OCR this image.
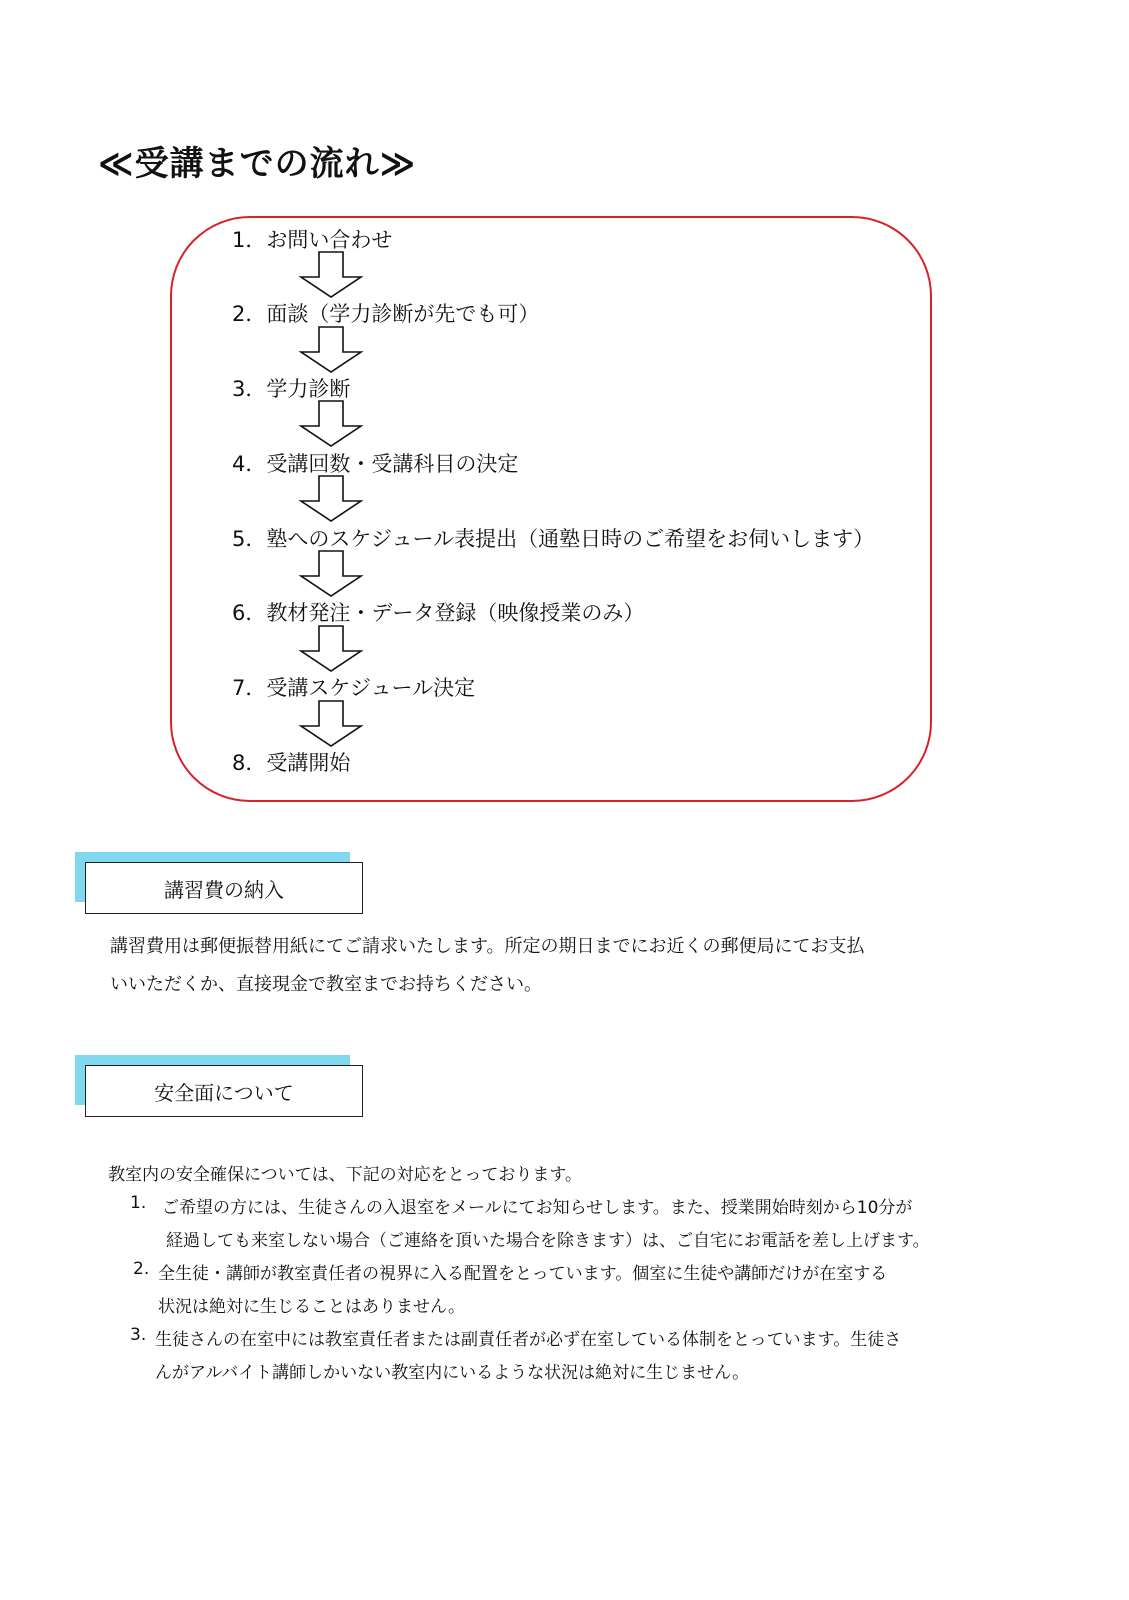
≪受講までの流れ≫
1．お問い合わせ
2．面談（学力診断が先でも可）
3．学力診断
4．受講回数・受講科目の決定
5．塾へのスケジュール表提出（通塾日時のご希望をお伺いします）
6．教材発注・データ登録（映像授業のみ）
7．受講スケジュール決定
8．受講開始
講習費の納入

講習費用は郵便振替用紙にてご請求いたします。所定の期日までにお近くの郵便局にてお支払

いいただくか、直接現金で教室までお持ちください。

安全面について
教室内の安全確保については、下記の対応をとっております。
1. ご希望の方には、生徒さんの入退室をメールにてお知らせします。また、授業開始時刻から10分が
経過しても来室しない場合（ご連絡を頂いた場合を除きます）は、ご自宅にお電話を差し上げます。
2. 全生徒・講師が教室責任者の視界に入る配置をとっています。個室に生徒や講師だけが在室する
状況は絶対に生じることはありません。
3. 生徒さんの在室中には教室責任者または副責任者が必ず在室している体制をとっています。生徒さ
んがアルバイト講師しかいない教室内にいるような状況は絶対に生じません。
